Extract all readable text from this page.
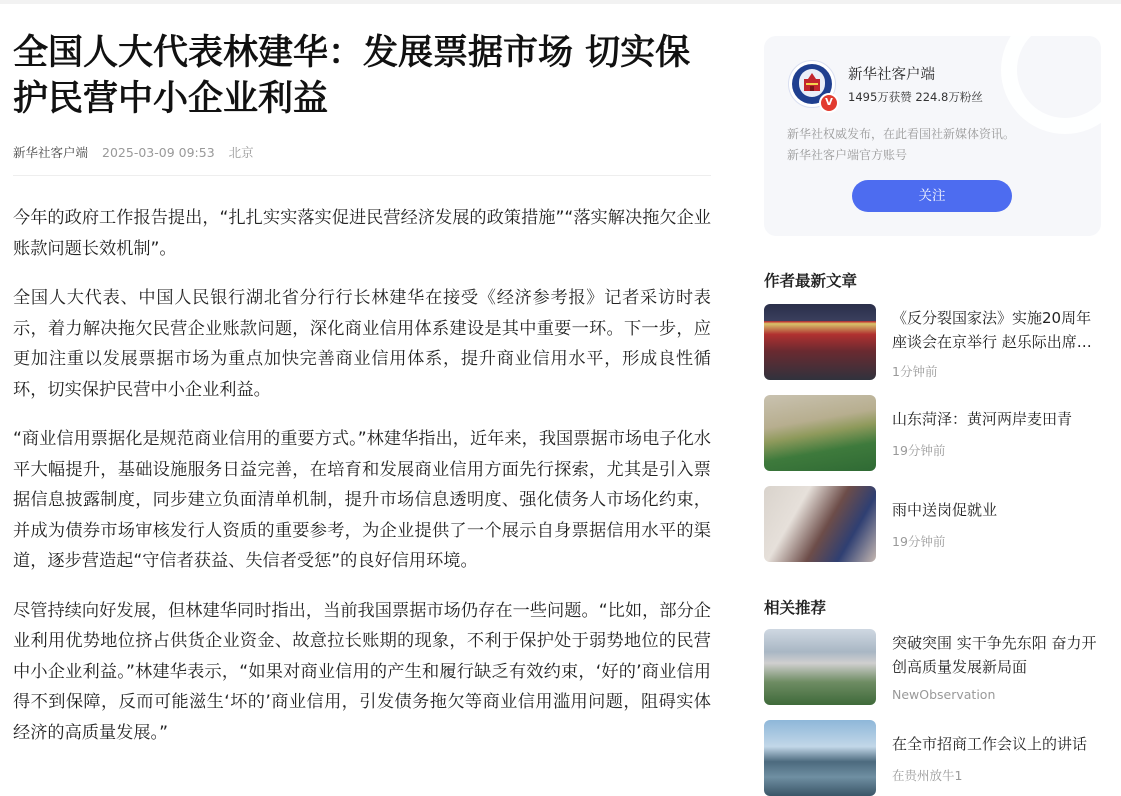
全国人大代表林建华：发展票据市场 切实保护民营中小企业利益
新华社客户端 2025-03-09 09:53 北京

今年的政府工作报告提出，“扎扎实实落实促进民营经济发展的政策措施”“落实解决拖欠企业账款问题长效机制”。

全国人大代表、中国人民银行湖北省分行行长林建华在接受《经济参考报》记者采访时表示，着力解决拖欠民营企业账款问题，深化商业信用体系建设是其中重要一环。下一步，应更加注重以发展票据市场为重点加快完善商业信用体系，提升商业信用水平，形成良性循环，切实保护民营中小企业利益。

“商业信用票据化是规范商业信用的重要方式。”林建华指出，近年来，我国票据市场电子化水平大幅提升，基础设施服务日益完善，在培育和发展商业信用方面先行探索，尤其是引入票据信息披露制度，同步建立负面清单机制，提升市场信息透明度、强化债务人市场化约束，并成为债券市场审核发行人资质的重要参考，为企业提供了一个展示自身票据信用水平的渠道，逐步营造起“守信者获益、失信者受惩”的良好信用环境。

尽管持续向好发展，但林建华同时指出，当前我国票据市场仍存在一些问题。“比如，部分企业利用优势地位挤占供货企业资金、故意拉长账期的现象，不利于保护处于弱势地位的民营中小企业利益。”林建华表示，“如果对商业信用的产生和履行缺乏有效约束，‘好的’商业信用得不到保障，反而可能滋生‘坏的’商业信用，引发债务拖欠等商业信用滥用问题，阻碍实体经济的高质量发展。”

V
新华社客户端
1495万获赞 224.8万粉丝
新华社权威发布，在此看国社新媒体资讯。
新华社客户端官方账号
关注
作者最新文章
《反分裂国家法》实施20周年座谈会在京举行 赵乐际出席并
1分钟前
山东菏泽：黄河两岸麦田青
19分钟前
雨中送岗促就业
19分钟前
相关推荐
突破突围 实干争先东阳 奋力开创高质量发展新局面
NewObservation
在全市招商工作会议上的讲话
在贵州放牛1
